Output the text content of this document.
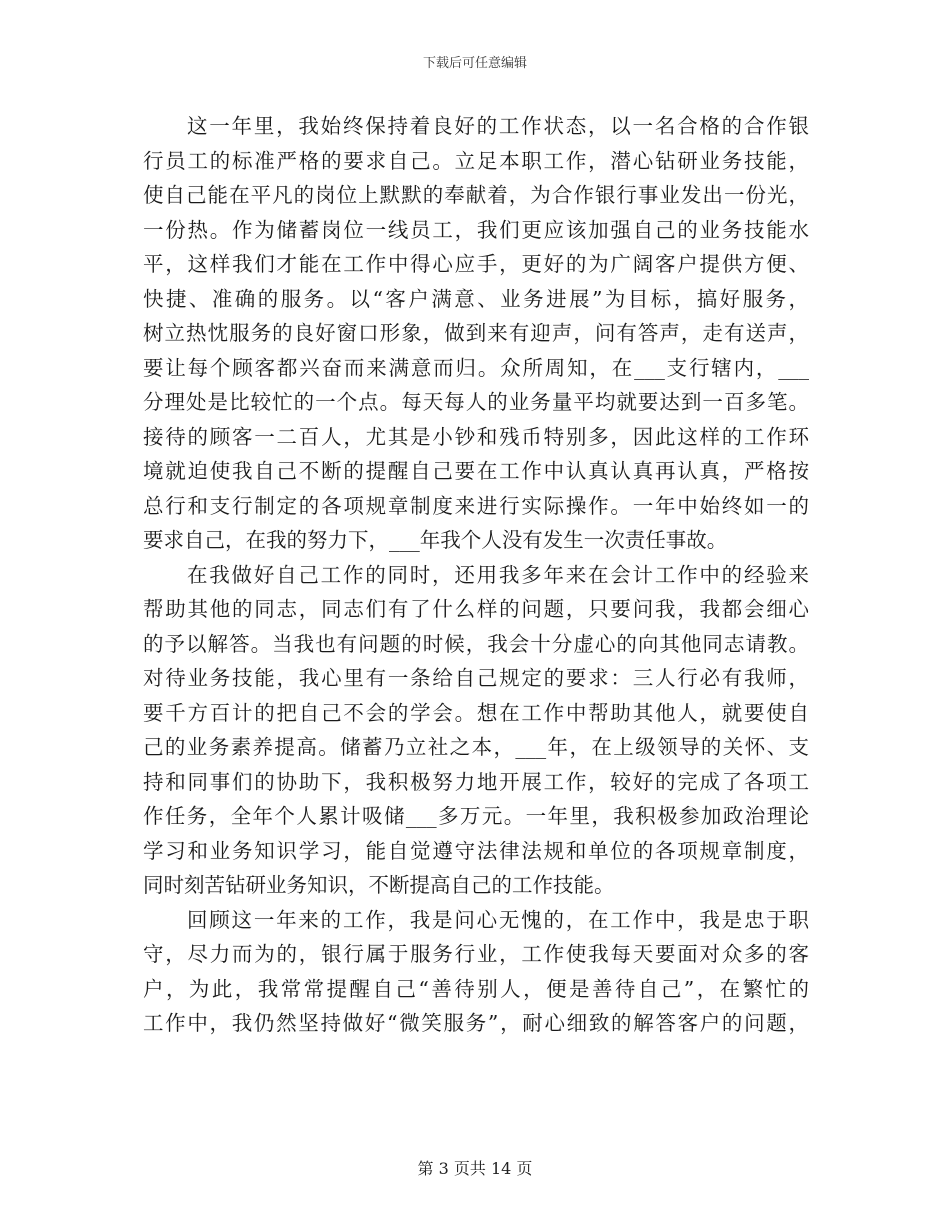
下载后可任意编辑
这一年里，我始终保持着良好的工作状态，以一名合格的合作银
行员工的标准严格的要求自己。立足本职工作，潜心钻研业务技能，
使自己能在平凡的岗位上默默的奉献着，为合作银行事业发出一份光，
一份热。作为储蓄岗位一线员工，我们更应该加强自己的业务技能水
平，这样我们才能在工作中得心应手，更好的为广阔客户提供方便、
快捷、准确的服务。以“客户满意、业务进展”为目标，搞好服务，
树立热忱服务的良好窗口形象，做到来有迎声，问有答声，走有送声，
要让每个顾客都兴奋而来满意而归。众所周知，在___支行辖内，___
分理处是比较忙的一个点。每天每人的业务量平均就要达到一百多笔。
接待的顾客一二百人，尤其是小钞和残币特别多，因此这样的工作环
境就迫使我自己不断的提醒自己要在工作中认真认真再认真，严格按
总行和支行制定的各项规章制度来进行实际操作。一年中始终如一的
要求自己，在我的努力下，___年我个人没有发生一次责任事故。
在我做好自己工作的同时，还用我多年来在会计工作中的经验来
帮助其他的同志，同志们有了什么样的问题，只要问我，我都会细心
的予以解答。当我也有问题的时候，我会十分虚心的向其他同志请教。
对待业务技能，我心里有一条给自己规定的要求：三人行必有我师，
要千方百计的把自己不会的学会。想在工作中帮助其他人，就要使自
己的业务素养提高。储蓄乃立社之本，___年，在上级领导的关怀、支
持和同事们的协助下，我积极努力地开展工作，较好的完成了各项工
作任务，全年个人累计吸储___多万元。一年里，我积极参加政治理论
学习和业务知识学习，能自觉遵守法律法规和单位的各项规章制度，
同时刻苦钻研业务知识，不断提高自己的工作技能。
回顾这一年来的工作，我是问心无愧的，在工作中，我是忠于职
守，尽力而为的，银行属于服务行业，工作使我每天要面对众多的客
户，为此，我常常提醒自己“善待别人，便是善待自己”，在繁忙的
工作中，我仍然坚持做好“微笑服务”，耐心细致的解答客户的问题，
第 3 页共 14 页
